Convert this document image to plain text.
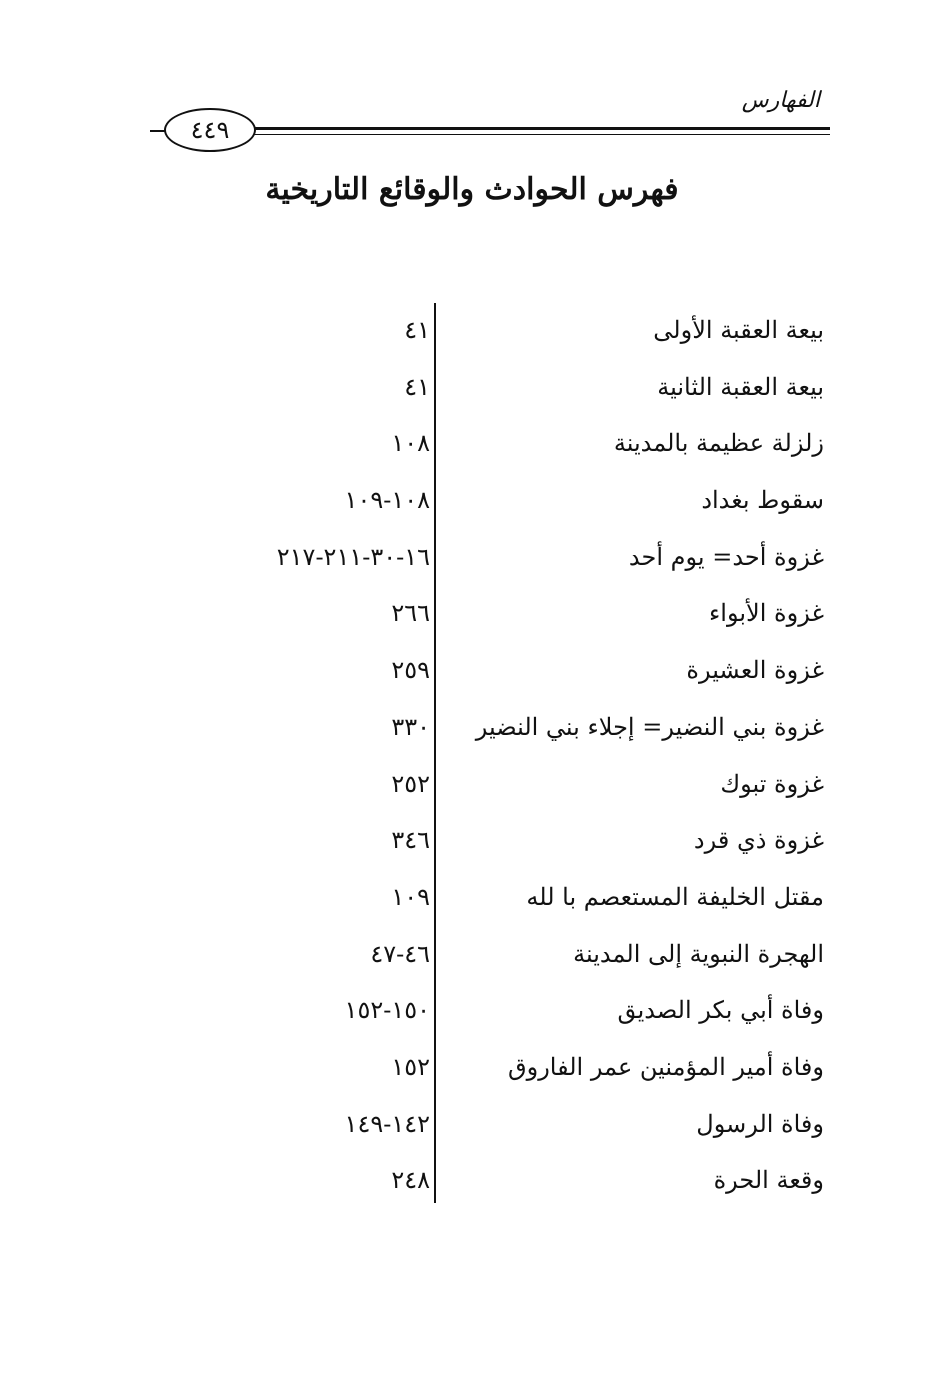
الفهارس
٤٤٩
فهرس الحوادث والوقائع التاريخية
بيعة العقبة الأولى
٤١
بيعة العقبة الثانية
٤١
زلزلة عظيمة بالمدينة
١٠٨
سقوط بغداد
١٠٨-١٠٩
غزوة أحد= يوم أحد
١٦-٣٠-٢١١-٢١٧
غزوة الأبواء
٢٦٦
غزوة العشيرة
٢٥٩
غزوة بني النضير= إجلاء بني النضير
٣٣٠
غزوة تبوك
٢٥٢
غزوة ذي قرد
٣٤٦
مقتل الخليفة المستعصم با لله
١٠٩
الهجرة النبوية إلى المدينة
٤٦-٤٧
وفاة أبي بكر الصديق
١٥٠-١٥٢
وفاة أمير المؤمنين عمر الفاروق
١٥٢
وفاة الرسول
١٤٢-١٤٩
وقعة الحرة
٢٤٨
